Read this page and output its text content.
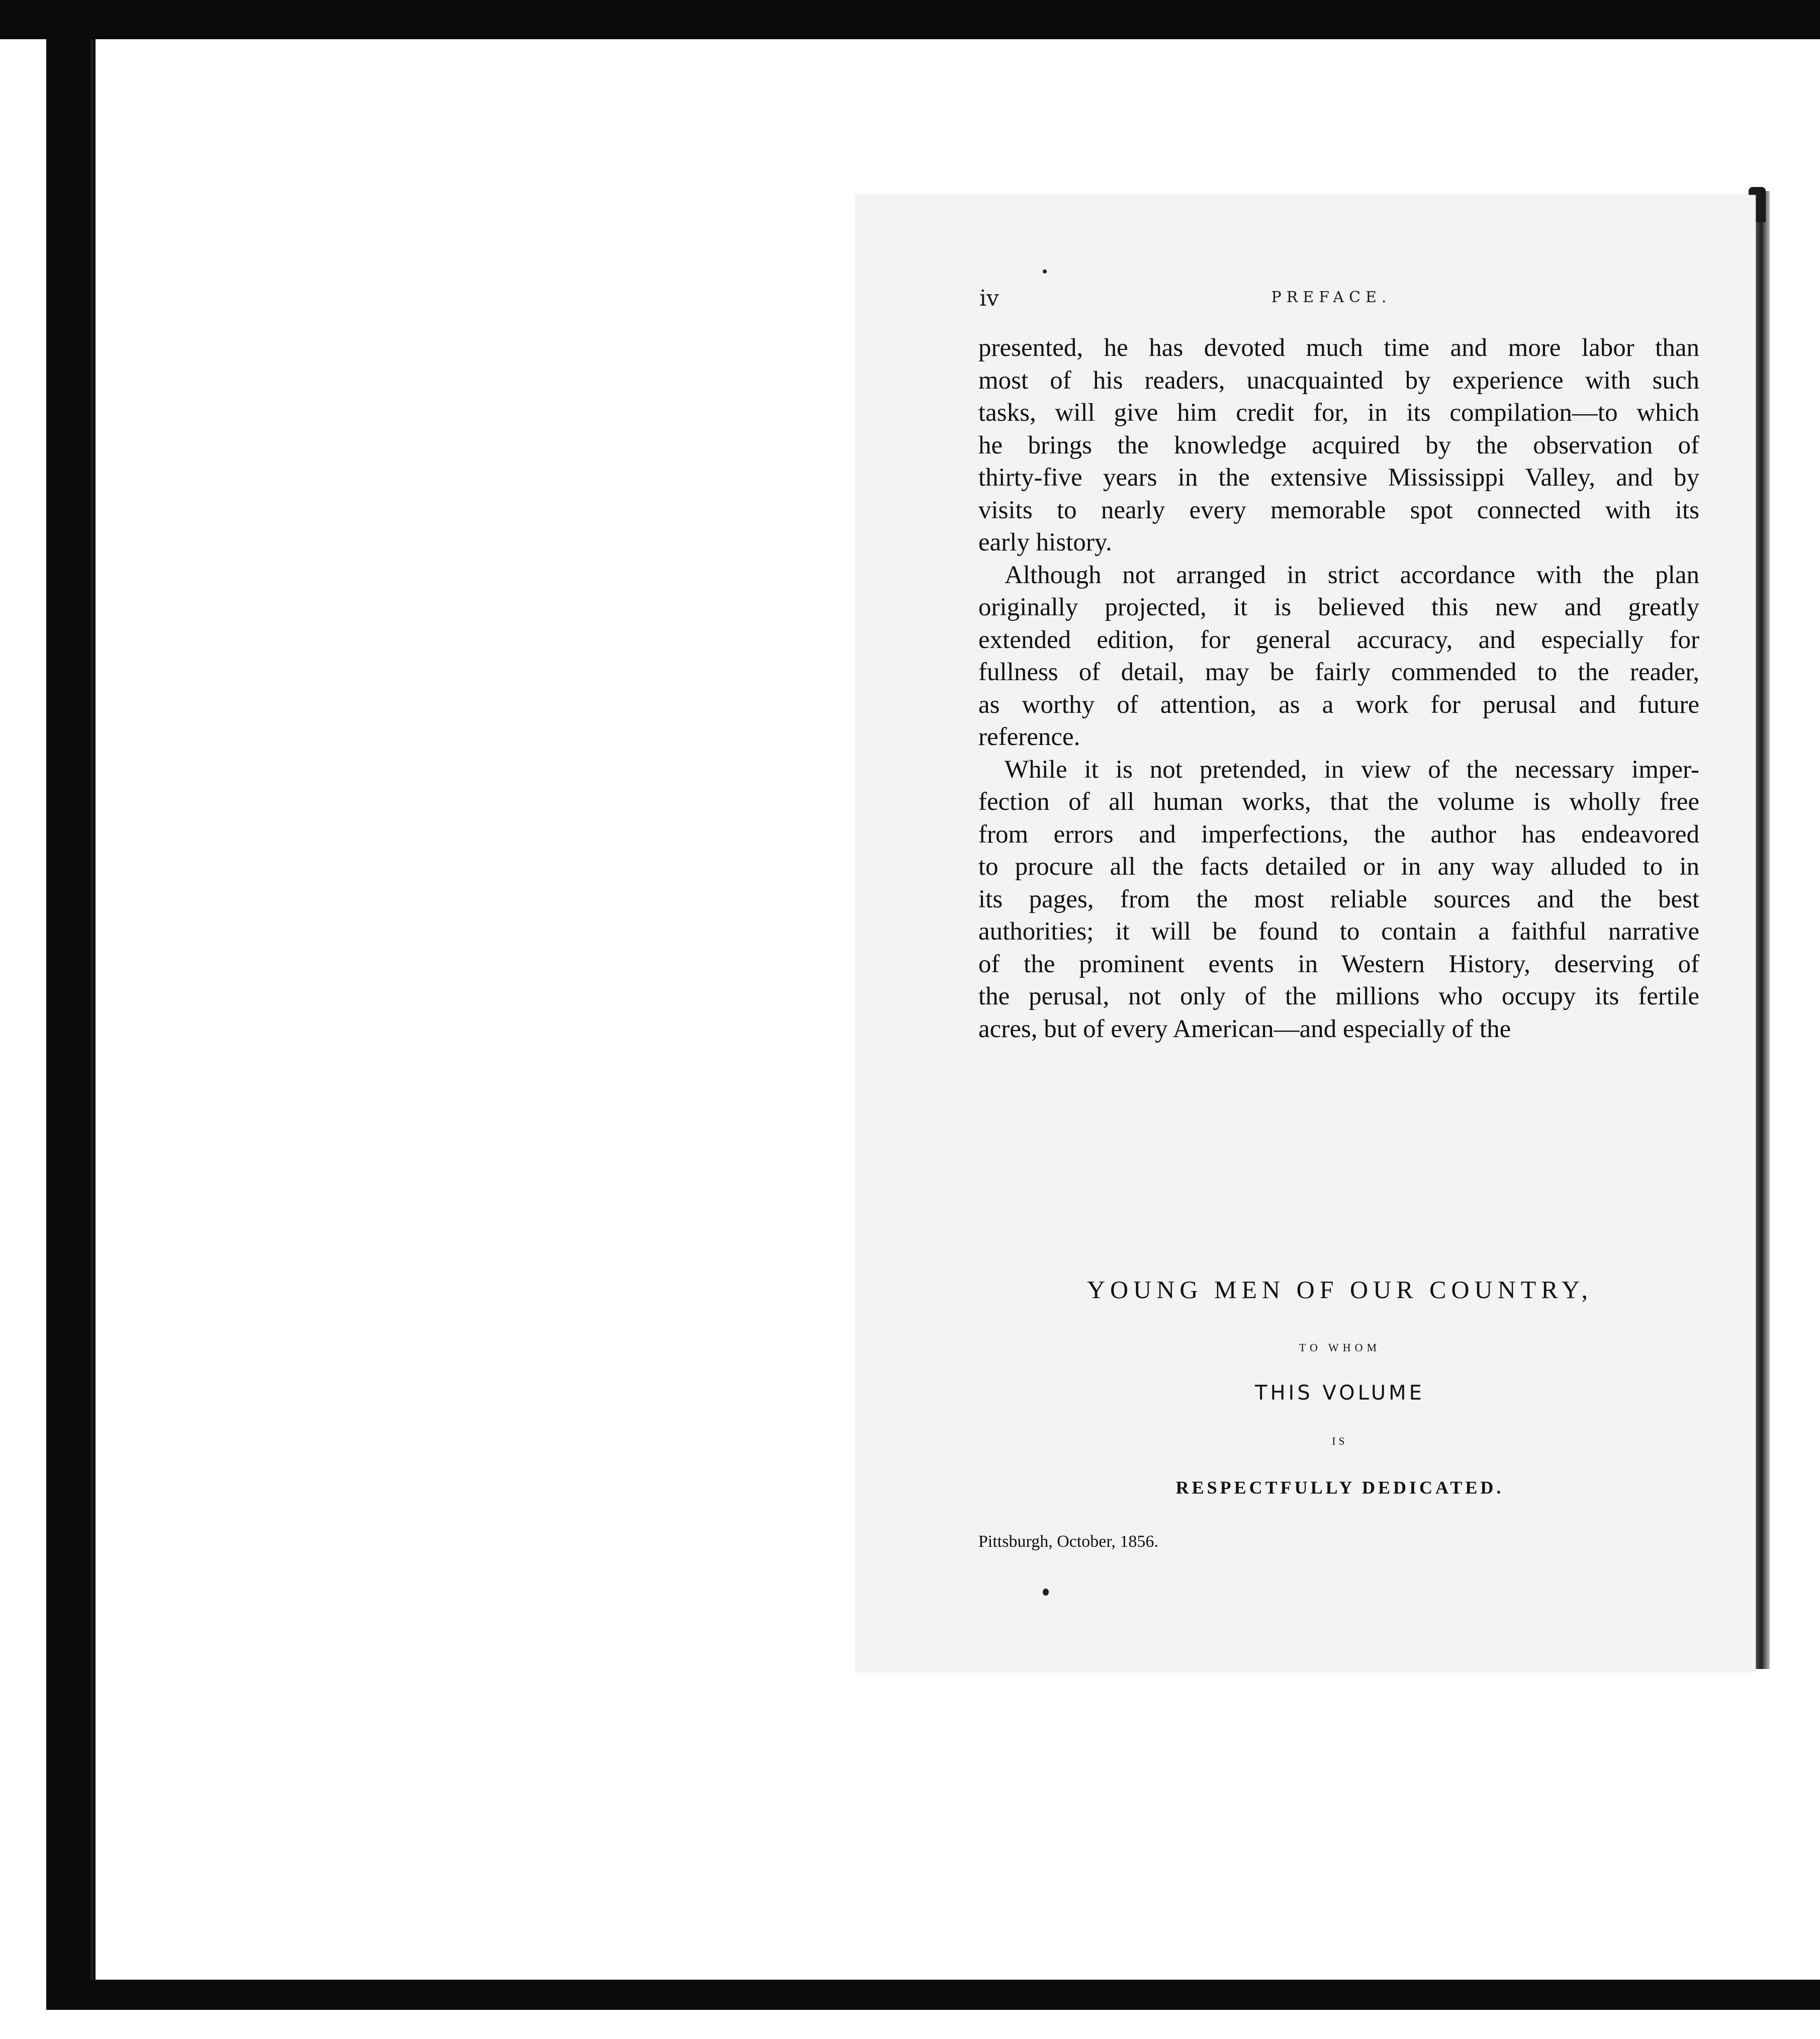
iv	PREFACE.
presented, he has devoted much time and more labor than
most of his readers, unacquainted by experience with such
tasks, will give him credit for, in its compilation—to which
he brings the knowledge acquired by the observation of
thirty-five years in the extensive Mississippi Valley, and by
visits to nearly every memorable spot connected with its
early history.
Although not arranged in strict accordance with the plan
originally projected, it is believed this new and greatly
extended edition, for general accuracy, and especially for
fullness of detail, may be fairly commended to the reader,
as worthy of attention, as a work for perusal and future
reference.
While it is not pretended, in view of the necessary imper-
fection of all human works, that the volume is wholly free
from errors and imperfections, the author has endeavored
to procure all the facts detailed or in any way alluded to in
its pages, from the most reliable sources and the best
authorities; it will be found to contain a faithful narrative
of the prominent events in Western History, deserving of
the perusal, not only of the millions who occupy its fertile
acres, but of every American—and especially of the
YOUNG MEN OF OUR COUNTRY,
TO WHOM
THIS VOLUME
IS
RESPECTFULLY DEDICATED.
Pittsburgh, October, 1856.
